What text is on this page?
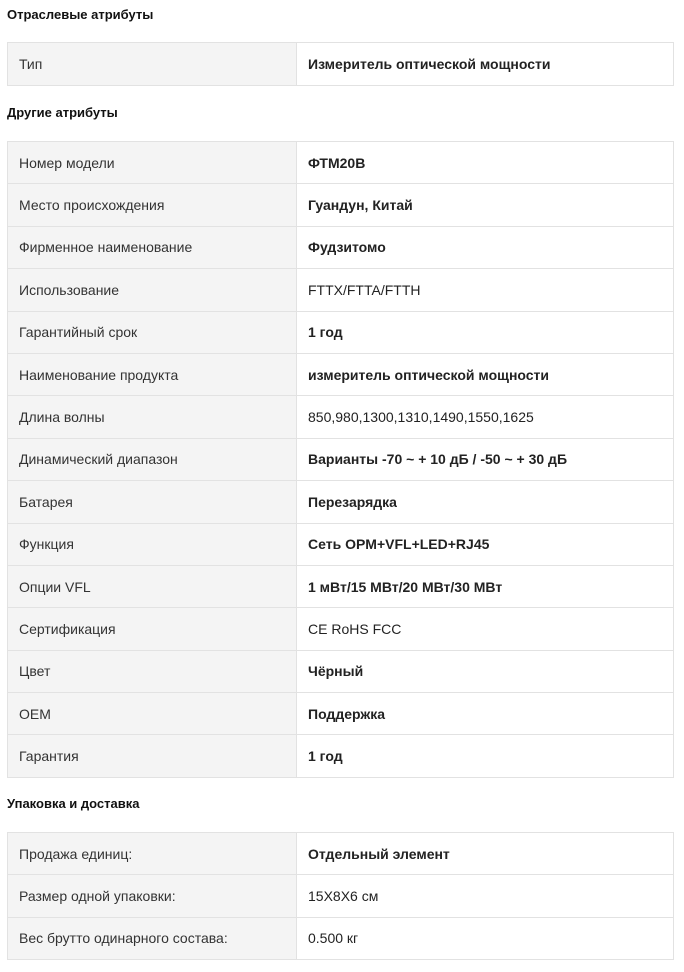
Отраслевые атрибуты
Тип	Измеритель оптической мощности
Другие атрибуты
Номер модели	ФТМ20В
Место происхождения	Гуандун, Китай
Фирменное наименование	Фудзитомо
Использование	FTTX/FTTA/FTTH
Гарантийный срок	1 год
Наименование продукта	измеритель оптической мощности
Длина волны	850,980,1300,1310,1490,1550,1625
Динамический диапазон	Варианты -70 ~ + 10 дБ / -50 ~ + 30 дБ
Батарея	Перезарядка
Функция	Сеть OPM+VFL+LED+RJ45
Опции VFL	1 мВт/15 МВт/20 МВт/30 МВт
Сертификация	CE RoHS FCC
Цвет	Чёрный
OEM	Поддержка
Гарантия	1 год
Упаковка и доставка
Продажа единиц:	Отдельный элемент
Размер одной упаковки:	15X8X6 см
Вес брутто одинарного состава:	0.500 кг
